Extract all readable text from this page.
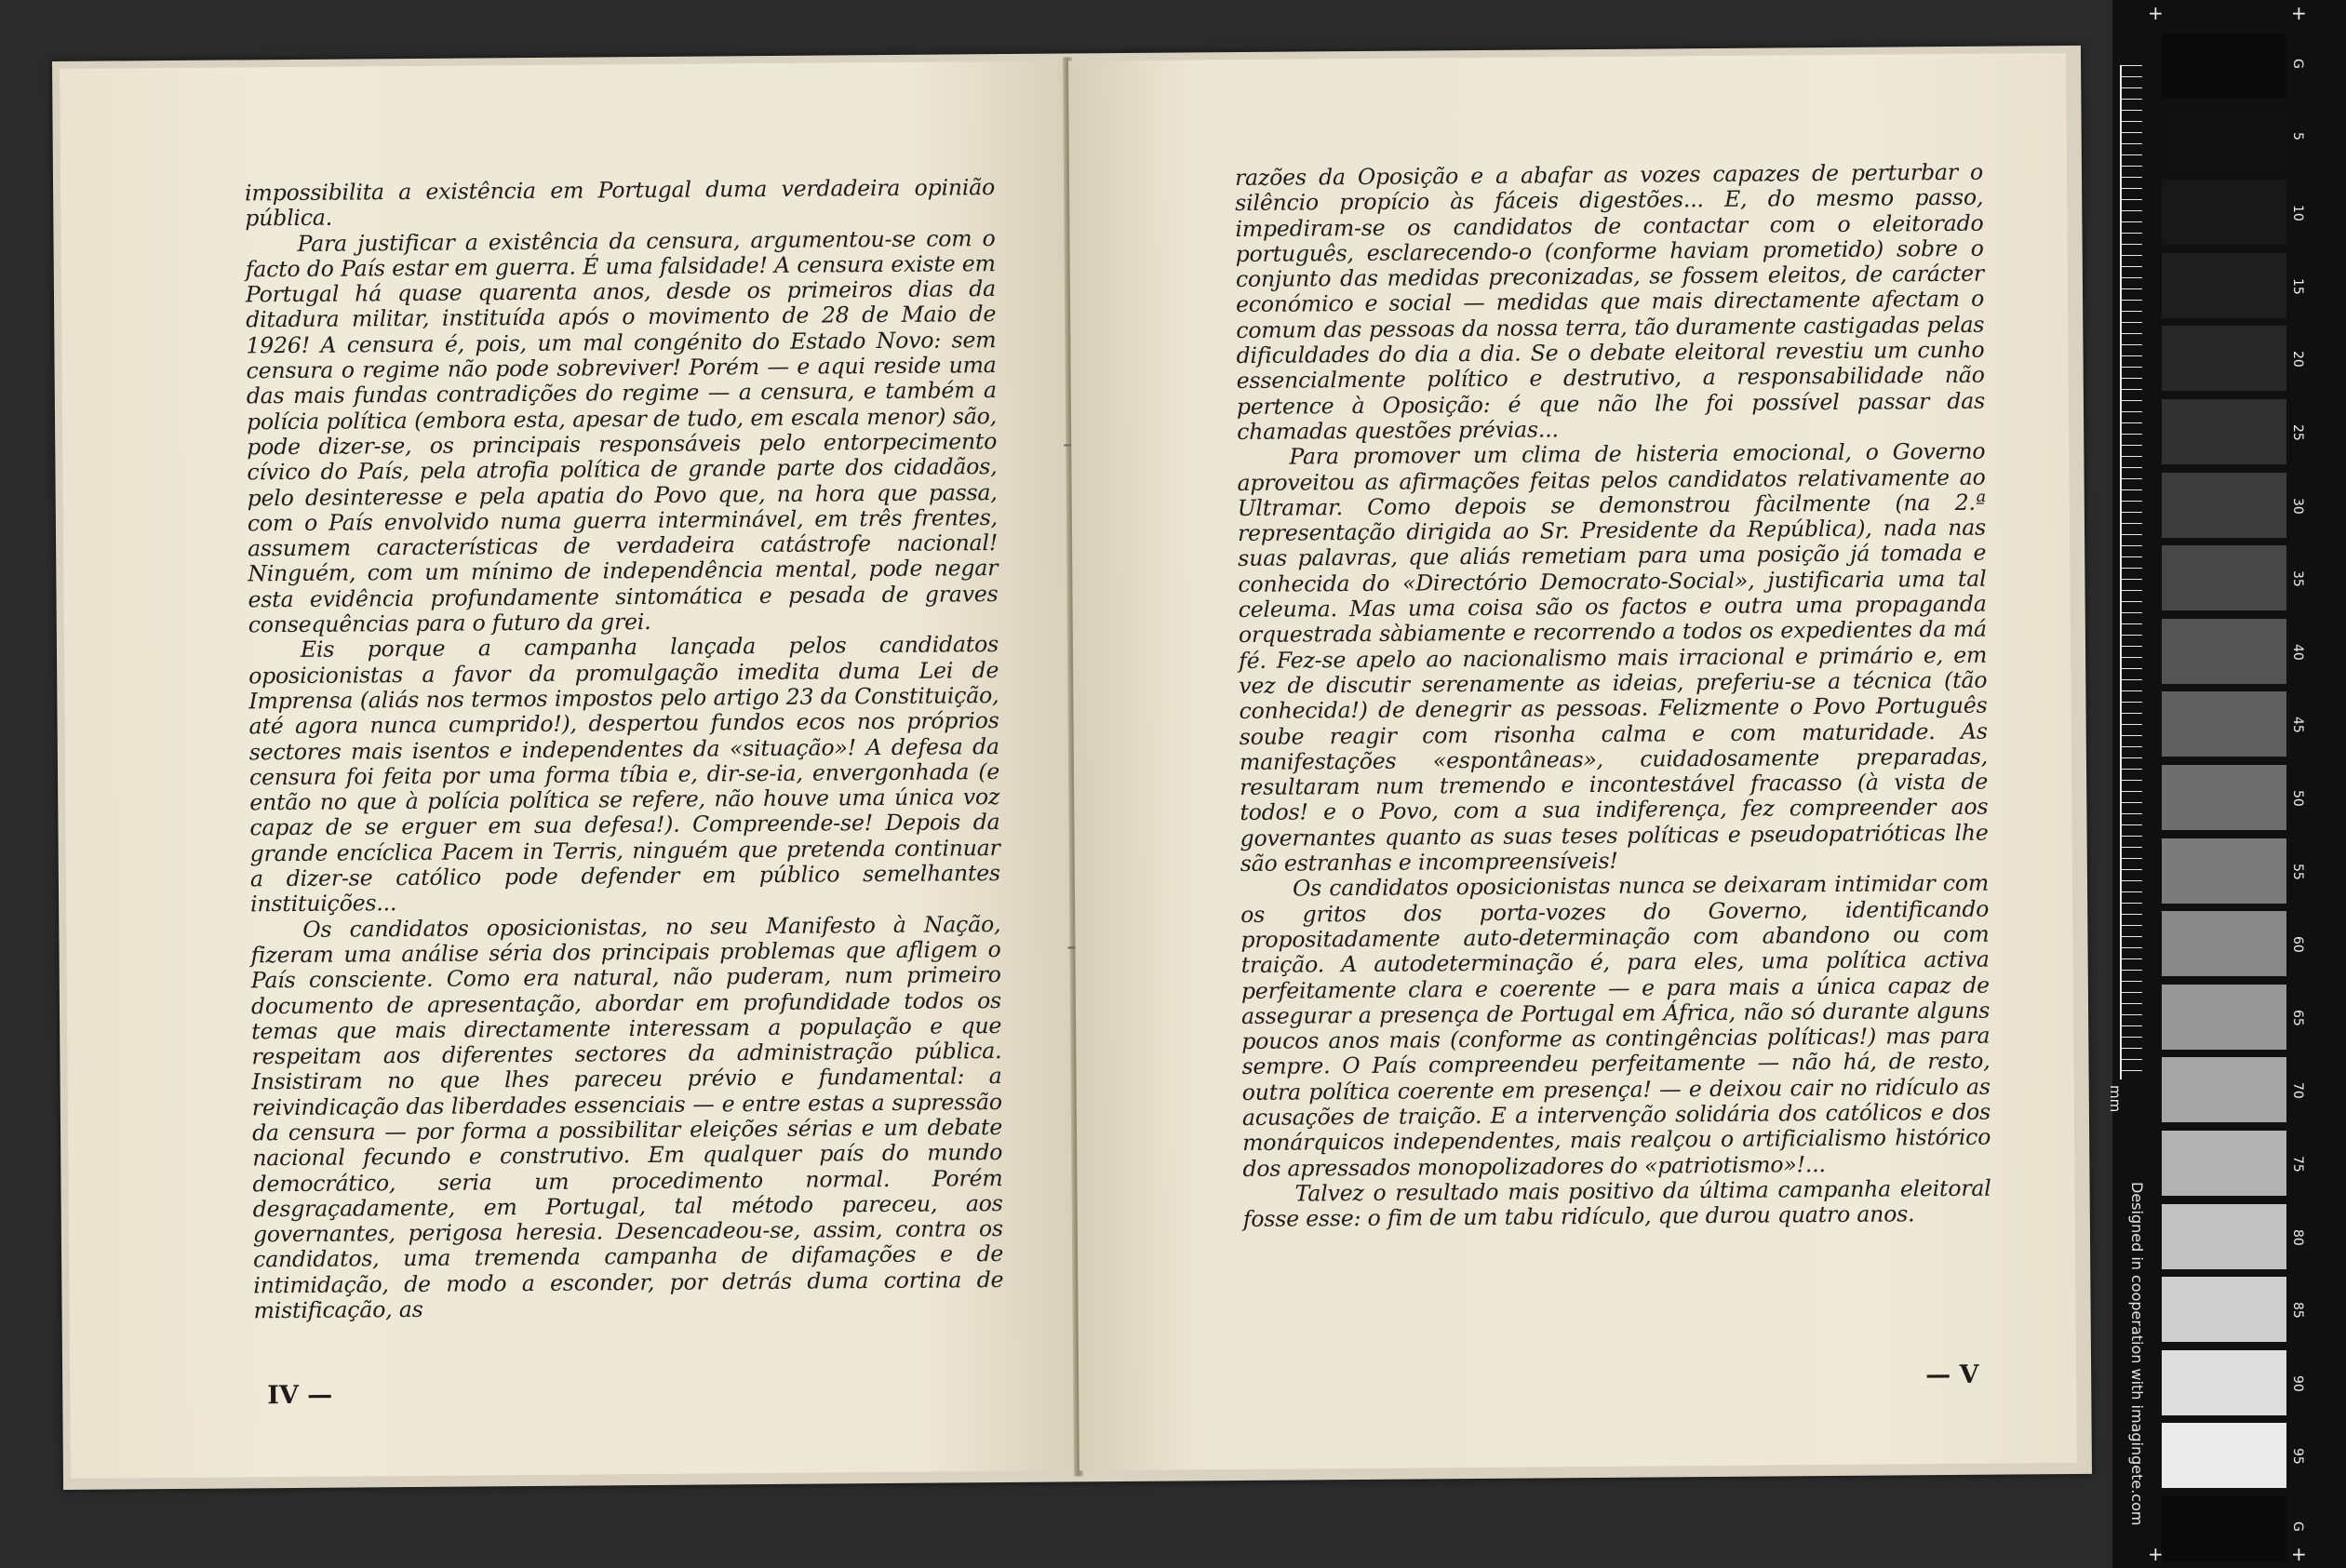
impossibilita a existência em Portugal duma verdadeira opinião pública.

Para justificar a existência da censura, argumentou-se com o facto do País estar em guerra. É uma falsidade! A censura existe em Portugal há quase quarenta anos, desde os primeiros dias da ditadura militar, instituída após o movimento de 28 de Maio de 1926! A censura é, pois, um mal congénito do Estado Novo: sem censura o regime não pode sobreviver! Porém — e aqui reside uma das mais fundas contradições do regime — a censura, e também a polícia política (embora esta, apesar de tudo, em escala menor) são, pode dizer-se, os principais responsáveis pelo entorpecimento cívico do País, pela atrofia política de grande parte dos cidadãos, pelo desinteresse e pela apatia do Povo que, na hora que passa, com o País envolvido numa guerra interminável, em três frentes, assumem características de verdadeira catástrofe nacional! Ninguém, com um mínimo de independência mental, pode negar esta evidência profundamente sintomática e pesada de graves consequências para o futuro da grei.

Eis porque a campanha lançada pelos candidatos oposicionistas a favor da promulgação imedita duma Lei de Imprensa (aliás nos termos impostos pelo artigo 23 da Constituição, até agora nunca cumprido!), despertou fundos ecos nos próprios sectores mais isentos e independentes da «situação»! A defesa da censura foi feita por uma forma tíbia e, dir-se-ia, envergonhada (e então no que à polícia política se refere, não houve uma única voz capaz de se erguer em sua defesa!). Compreende-se! Depois da grande encíclica Pacem in Terris, ninguém que pretenda continuar a dizer-se católico pode defender em público semelhantes instituições...

Os candidatos oposicionistas, no seu Manifesto à Nação, fizeram uma análise séria dos principais problemas que afligem o País consciente. Como era natural, não puderam, num primeiro documento de apresentação, abordar em profundidade todos os temas que mais directamente interessam a população e que respeitam aos diferentes sectores da administração pública. Insistiram no que lhes pareceu prévio e fundamental: a reivindicação das liberdades essenciais — e entre estas a supressão da censura — por forma a possibilitar eleições sérias e um debate nacional fecundo e construtivo. Em qualquer país do mundo democrático, seria um procedimento normal. Porém desgraçadamente, em Portugal, tal método pareceu, aos governantes, perigosa heresia. Desencadeou-se, assim, contra os candidatos, uma tremenda campanha de difamações e de intimidação, de modo a esconder, por detrás duma cortina de mistificação, as

IV —

razões da Oposição e a abafar as vozes capazes de perturbar o silêncio propício às fáceis digestões... E, do mesmo passo, impediram-se os candidatos de contactar com o eleitorado português, esclarecendo-o (conforme haviam prometido) sobre o conjunto das medidas preconizadas, se fossem eleitos, de carácter económico e social — medidas que mais directamente afectam o comum das pessoas da nossa terra, tão duramente castigadas pelas dificuldades do dia a dia. Se o debate eleitoral revestiu um cunho essencialmente político e destrutivo, a responsabilidade não pertence à Oposição: é que não lhe foi possível passar das chamadas questões prévias...

Para promover um clima de histeria emocional, o Governo aproveitou as afirmações feitas pelos candidatos relativamente ao Ultramar. Como depois se demonstrou fàcilmente (na 2.ª representação dirigida ao Sr. Presidente da República), nada nas suas palavras, que aliás remetiam para uma posição já tomada e conhecida do «Directório Democrato-Social», justificaria uma tal celeuma. Mas uma coisa são os factos e outra uma propaganda orquestrada sàbiamente e recorrendo a todos os expedientes da má fé. Fez-se apelo ao nacionalismo mais irracional e primário e, em vez de discutir serenamente as ideias, preferiu-se a técnica (tão conhecida!) de denegrir as pessoas. Felizmente o Povo Português soube reagir com risonha calma e com maturidade. As manifestações «espontâneas», cuidadosamente preparadas, resultaram num tremendo e incontestável fracasso (à vista de todos! e o Povo, com a sua indiferença, fez compreender aos governantes quanto as suas teses políticas e pseudopatrióticas lhe são estranhas e incompreensíveis!

Os candidatos oposicionistas nunca se deixaram intimidar com os gritos dos porta-vozes do Governo, identificando propositadamente auto-determinação com abandono ou com traição. A autodeterminação é, para eles, uma política activa perfeitamente clara e coerente — e para mais a única capaz de assegurar a presença de Portugal em África, não só durante alguns poucos anos mais (conforme as contingências políticas!) mas para sempre. O País compreendeu perfeitamente — não há, de resto, outra política coerente em presença! — e deixou cair no ridículo as acusações de traição. E a intervenção solidária dos católicos e dos monárquicos independentes, mais realçou o artificialismo histórico dos apressados monopolizadores do «patriotismo»!...

Talvez o resultado mais positivo da última campanha eleitoral fosse esse: o fim de um tabu ridículo, que durou quatro anos.

— V
mm
G
5
10
15
20
25
30
35
40
45
50
55
60
65
70
75
80
85
90
95
G
Designed in cooperation with imagingete.com
+	+
+	+
